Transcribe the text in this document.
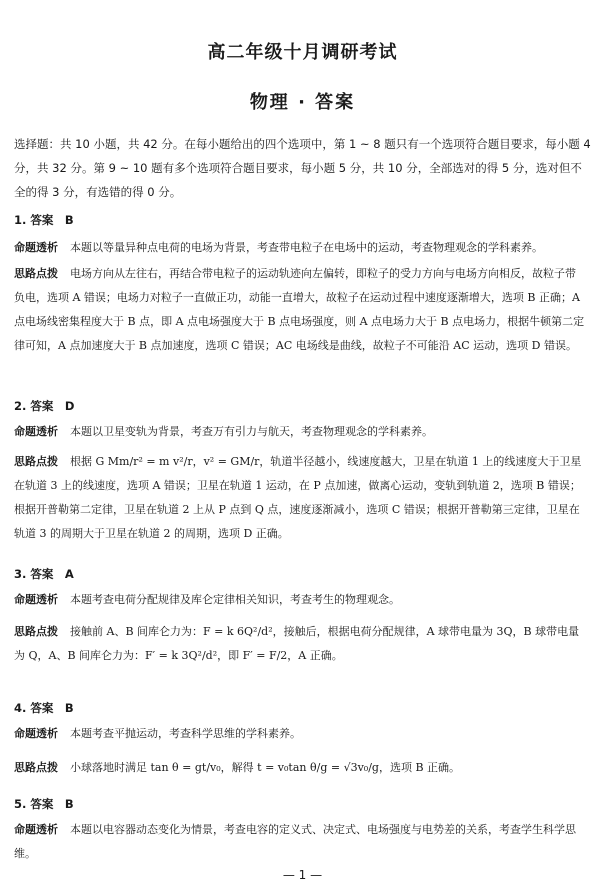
高二年级十月调研考试
物理 · 答案
选择题：共 10 小题，共 42 分。在每小题给出的四个选项中，第 1 ~ 8 题只有一个选项符合题目要求，每小题 4 分，共 32 分。第 9 ~ 10 题有多个选项符合题目要求，每小题 5 分，共 10 分，全部选对的得 5 分，选对但不全的得 3 分，有选错的得 0 分。
1. 答案　B
命题透析 本题以等量异种点电荷的电场为背景，考查带电粒子在电场中的运动，考查物理观念的学科素养。
思路点拨 电场方向从左往右，再结合带电粒子的运动轨迹向左偏转，即粒子的受力方向与电场方向相反，故粒子带负电，选项 A 错误；电场力对粒子一直做正功，动能一直增大，故粒子在运动过程中速度逐渐增大，选项 B 正确；A 点电场线密集程度大于 B 点，即 A 点电场强度大于 B 点电场强度，则 A 点电场力大于 B 点电场力，根据牛顿第二定律可知，A 点加速度大于 B 点加速度，选项 C 错误；AC 电场线是曲线，故粒子不可能沿 AC 运动，选项 D 错误。
2. 答案　D
命题透析 本题以卫星变轨为背景，考查万有引力与航天，考查物理观念的学科素养。
思路点拨 根据 G Mm/r² = m v²/r，v² = GM/r，轨道半径越小，线速度越大，卫星在轨道 1 上的线速度大于卫星在轨道 3 上的线速度，选项 A 错误；卫星在轨道 1 运动，在 P 点加速，做离心运动，变轨到轨道 2，选项 B 错误；根据开普勒第二定律，卫星在轨道 2 上从 P 点到 Q 点，速度逐渐减小，选项 C 错误；根据开普勒第三定律，卫星在轨道 3 的周期大于卫星在轨道 2 的周期，选项 D 正确。
3. 答案　A
命题透析 本题考查电荷分配规律及库仑定律相关知识，考查考生的物理观念。
思路点拨 接触前 A、B 间库仑力为：F = k 6Q²/d²，接触后，根据电荷分配规律，A 球带电量为 3Q，B 球带电量为 Q，A、B 间库仑力为：F′ = k 3Q²/d²，即 F′ = F/2，A 正确。
4. 答案　B
命题透析 本题考查平抛运动，考查科学思维的学科素养。
思路点拨 小球落地时满足 tan θ = gt/v₀，解得 t = v₀tan θ/g = √3v₀/g，选项 B 正确。
5. 答案　B
命题透析 本题以电容器动态变化为情景，考查电容的定义式、决定式、电场强度与电势差的关系，考查学生科学思维。
— 1 —
